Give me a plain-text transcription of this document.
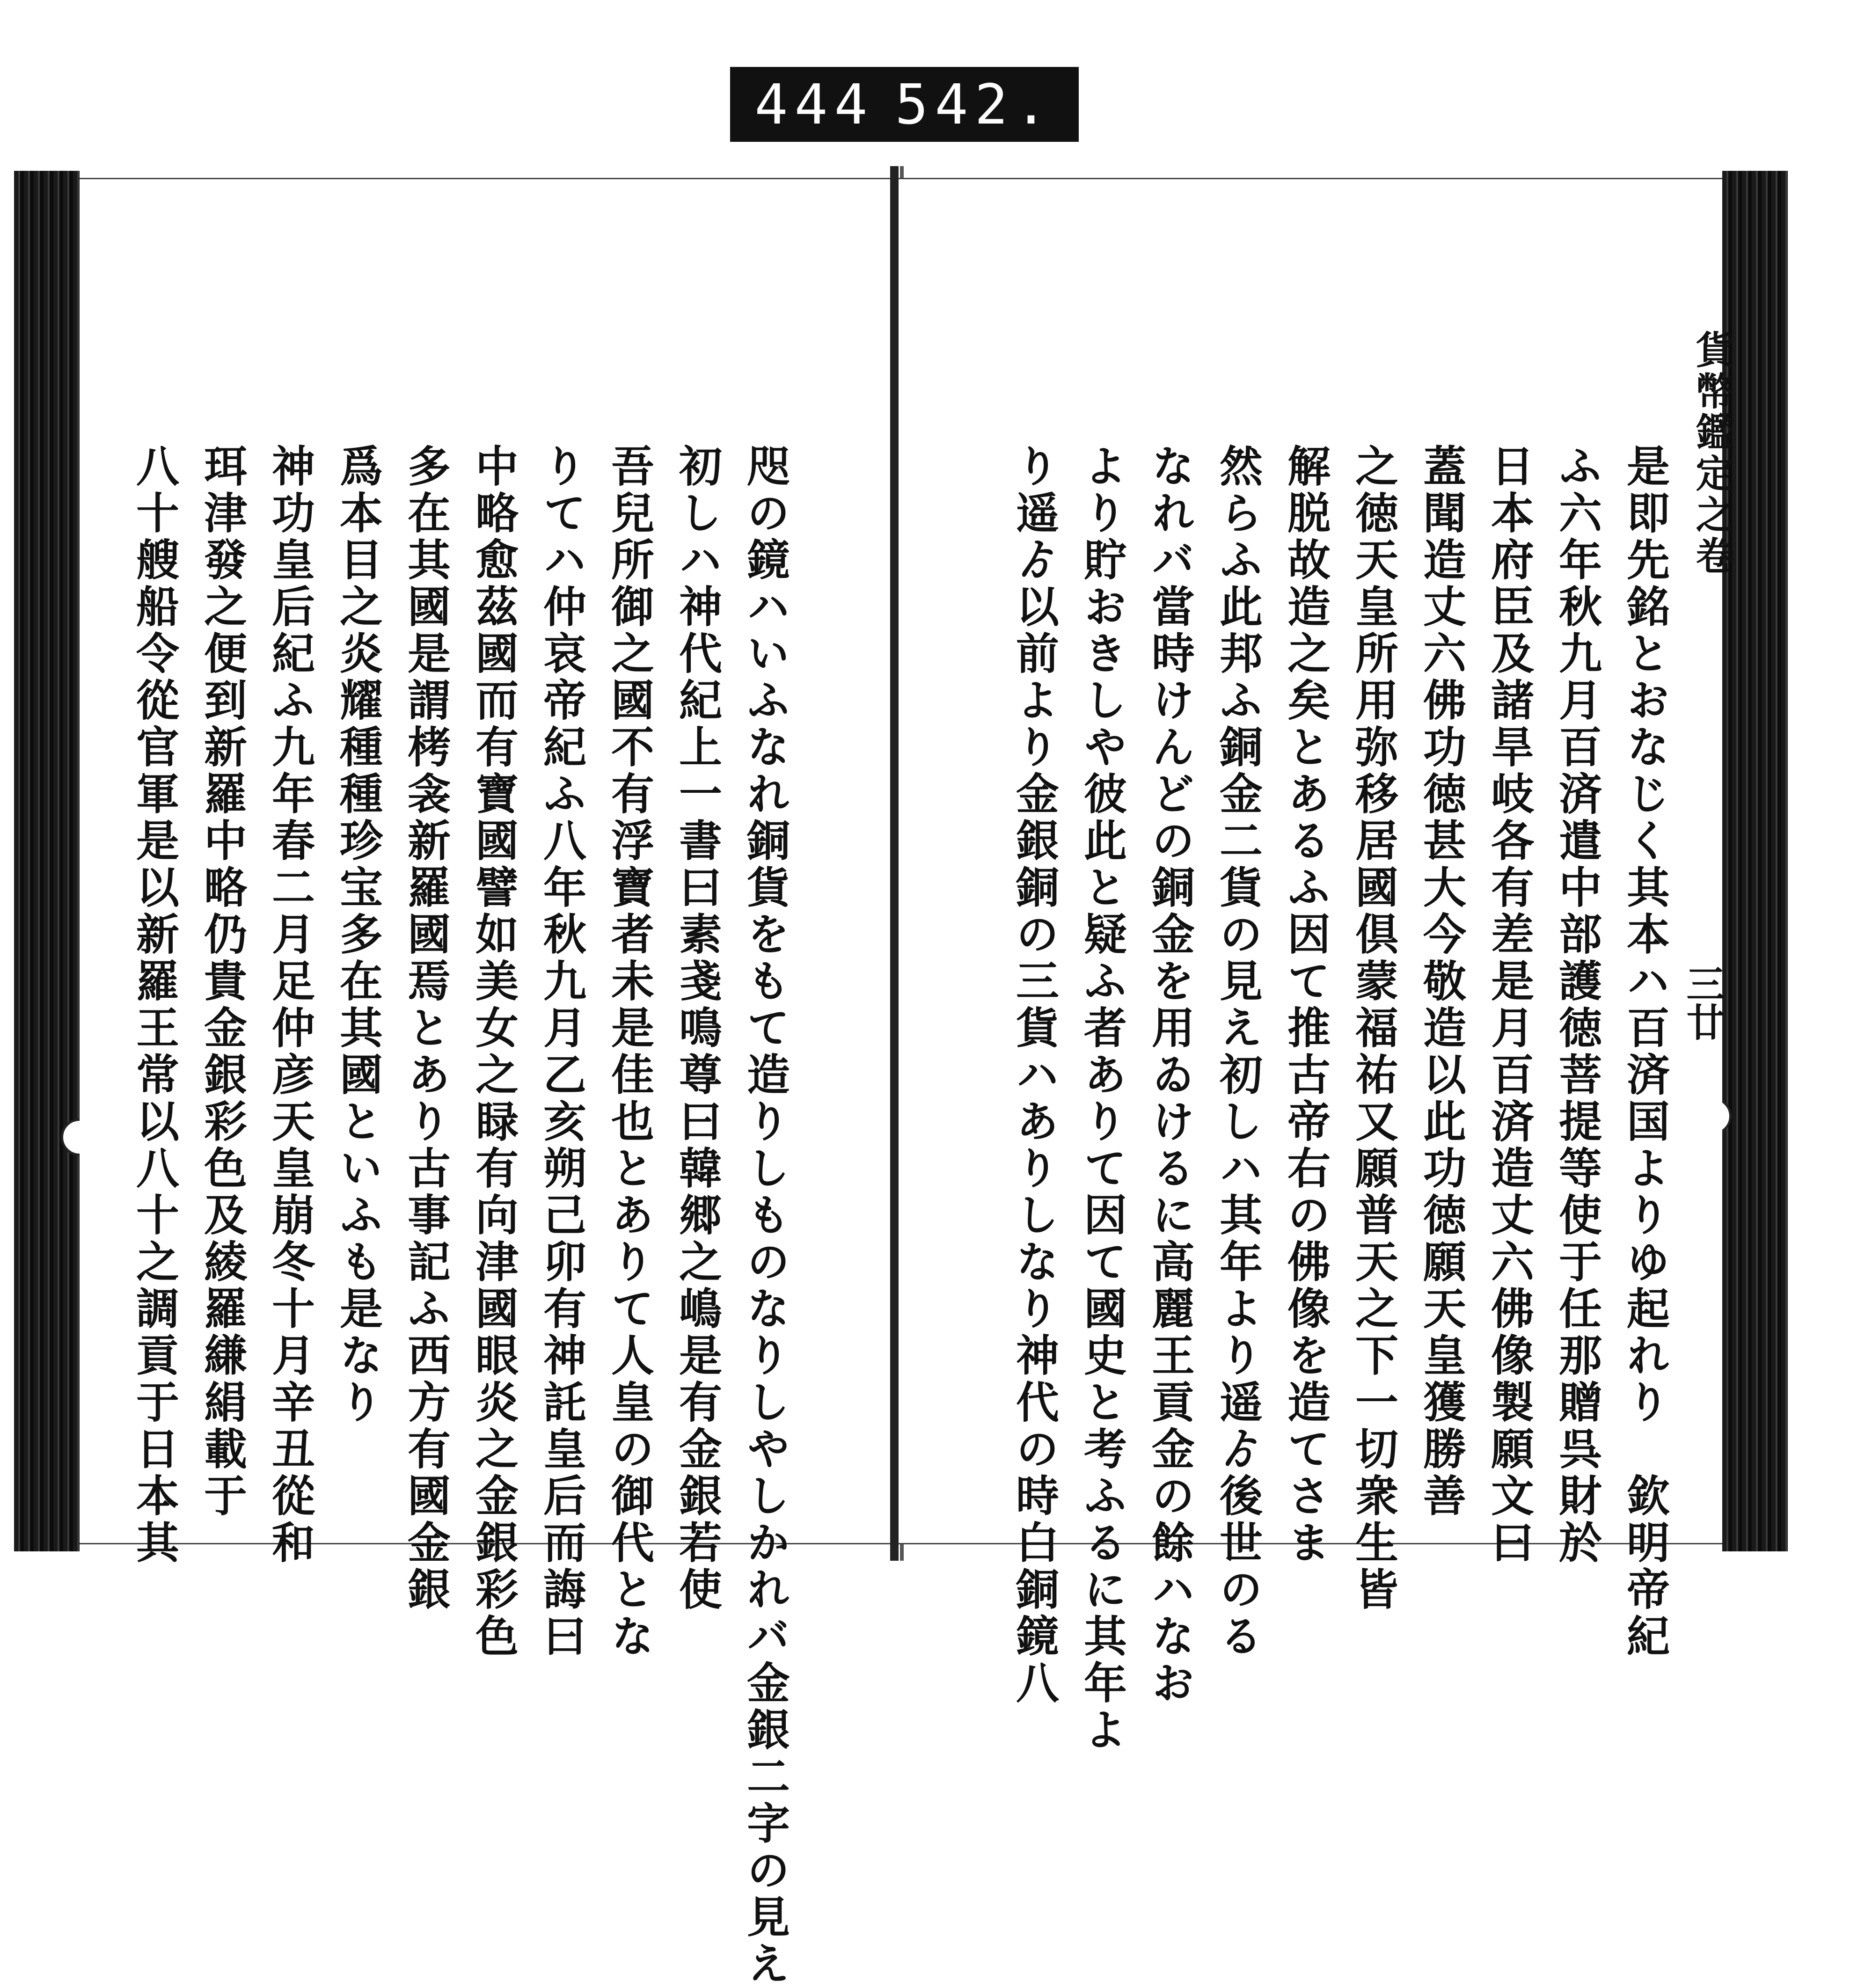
444 542.
咫の鏡ハいふなれ銅貨をもて造りしものなりしやしかれバ金銀二字の見え
初しハ神代紀上一書曰素戔鳴尊曰韓郷之嶋是有金銀若使
吾兒所御之國不有浮寶者未是佳也とありて人皇の御代とな
りてハ仲哀帝紀ふ八年秋九月乙亥朔己卯有神託皇后而誨曰
中略愈茲國而有寶國譬如美女之睩有向津國眼炎之金銀彩色
多在其國是謂栲衾新羅國焉とあり古事記ふ西方有國金銀
爲本目之炎耀種種珍宝多在其國といふも是なり
神功皇后紀ふ九年春二月足仲彦天皇崩冬十月辛丑從和
珥津發之便到新羅中略仍貴金銀彩色及綾羅縑絹載于
八十艘船令從官軍是以新羅王常以八十之調貢于日本其	是即先銘とおなじく其本ハ百済国よりゆ起れり　欽明帝紀
ふ六年秋九月百済遣中部護徳菩提等使于任那贈呉財於
日本府臣及諸旱岐各有差是月百済造丈六佛像製願文曰
蓋聞造丈六佛功徳甚大今敬造以此功徳願天皇獲勝善
之徳天皇所用弥移居國倶蒙福祐又願普天之下一切衆生皆
解脱故造之矣とあるふ因て推古帝右の佛像を造てさま
然らふ此邦ふ銅金二貨の見え初しハ其年より遥ゟ後世のる
なれバ當時けんどの銅金を用ゐけるに高麗王貢金の餘ハなお
より貯おきしや彼此と疑ふ者ありて因て國史と考ふるに其年よ
り遥ゟ以前より金銀銅の三貨ハありしなり神代の時白銅鏡八	貨幣鑑定之卷
三廿
